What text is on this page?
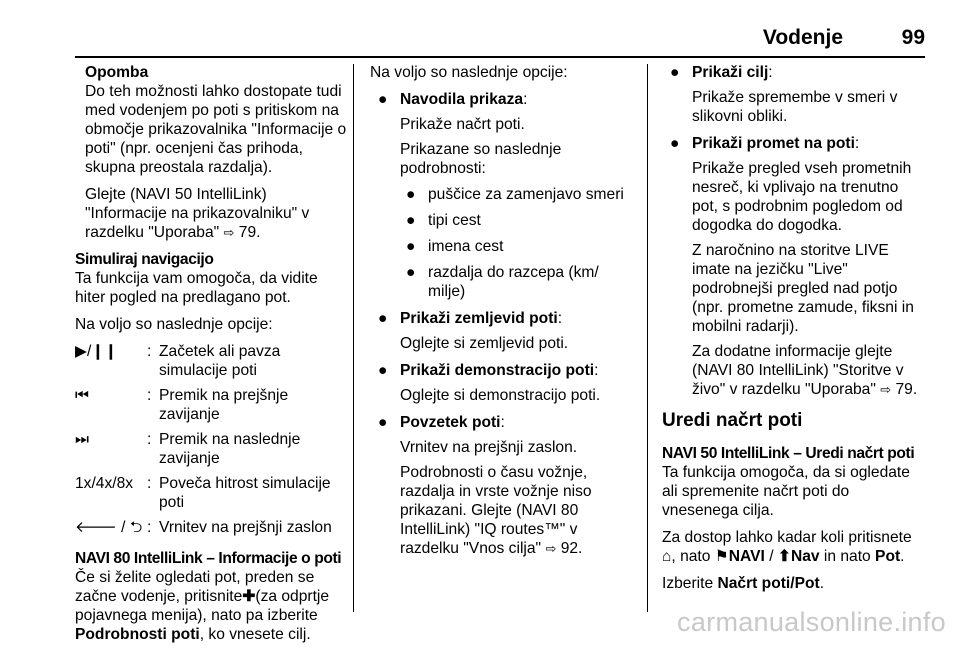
Vodenje	99
Opomba
Do teh možnosti lahko dostopate tudi med vodenjem po poti s pritiskom na območje prikazovalnika "Informacije o poti" (npr. ocenjeni čas prihoda, skupna preostala razdalja).
Glejte (NAVI 50 IntelliLink) "Informacije na prikazovalniku" v razdelku "Uporaba" ⇨ 79.
Simuliraj navigacijo
Ta funkcija vam omogoča, da vidite hiter pogled na predlagano pot.
Na voljo so naslednje opcije:
▶/❙❙	: Začetek ali pavza simulacije poti
⏮	: Premik na prejšnje zavijanje
⏭	: Premik na naslednje zavijanje
1x/4x/8x : Poveča hitrost simulacije poti
🡐 / ⮌ : Vrnitev na prejšnji zaslon
NAVI 80 IntelliLink – Informacije o poti
Če si želite ogledati pot, preden se začne vodenje, pritisnite✚(za odprtje pojavnega menija), nato pa izberite Podrobnosti poti, ko vnesete cilj.
Na voljo so naslednje opcije:
● Navodila prikaza:
Prikaže načrt poti.
Prikazane so naslednje podrobnosti:
● puščice za zamenjavo smeri
● tipi cest
● imena cest
● razdalja do razcepa (km/ milje)
● Prikaži zemljevid poti:
Oglejte si zemljevid poti.
● Prikaži demonstracijo poti:
Oglejte si demonstracijo poti.
● Povzetek poti:
Vrnitev na prejšnji zaslon.
Podrobnosti o času vožnje, razdalja in vrste vožnje niso prikazani. Glejte (NAVI 80 IntelliLink) "IQ routes™" v razdelku "Vnos cilja" ⇨ 92.
● Prikaži cilj:
Prikaže spremembe v smeri v slikovni obliki.
● Prikaži promet na poti:
Prikaže pregled vseh prometnih nesreč, ki vplivajo na trenutno pot, s podrobnim pogledom od dogodka do dogodka.
Z naročnino na storitve LIVE imate na jezičku "Live" podrobnejši pregled nad potjo (npr. prometne zamude, fiksni in mobilni radarji).
Za dodatne informacije glejte (NAVI 80 IntelliLink) "Storitve v živo" v razdelku "Uporaba" ⇨ 79.
Uredi načrt poti
NAVI 50 IntelliLink – Uredi načrt poti
Ta funkcija omogoča, da si ogledate ali spremenite načrt poti do vnesenega cilja.
Za dostop lahko kadar koli pritisnete ⌂, nato ⚑NAVI / ⬆Nav in nato Pot.
Izberite Načrt poti/Pot.
carmanualsonline.info
